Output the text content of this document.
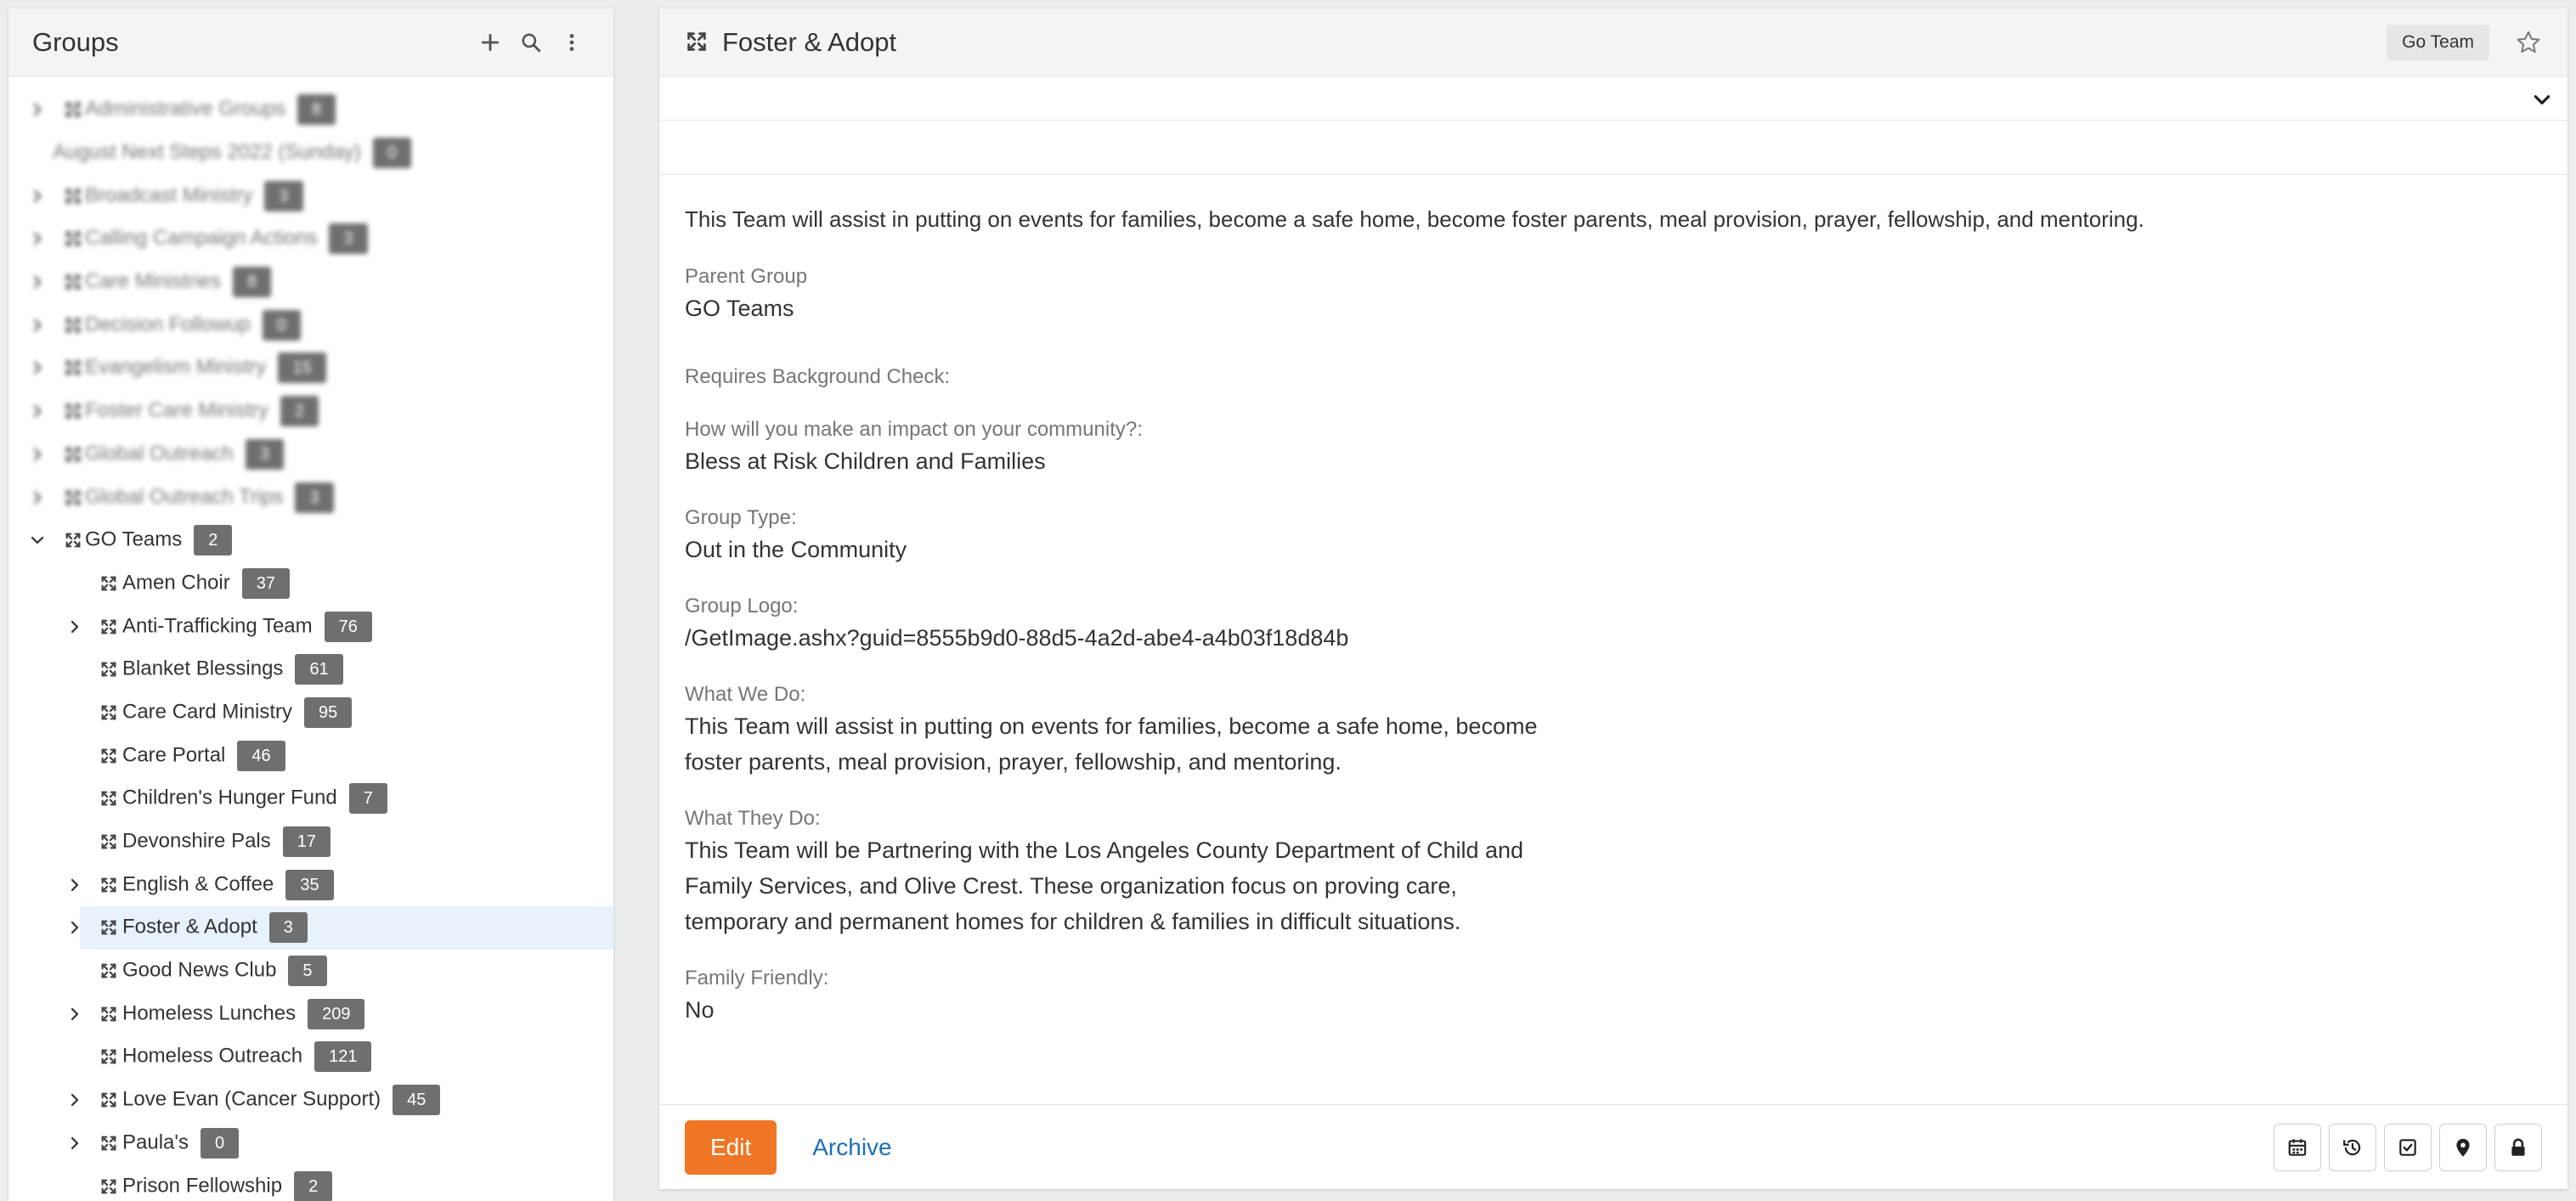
Groups
Administrative Groups 8
August Next Steps 2022 (Sunday) 0
Broadcast Ministry 3
Calling Campaign Actions 3
Care Ministries 8
Decision Followup 0
Evangelism Ministry 15
Foster Care Ministry 2
Global Outreach 3
Global Outreach Trips 3
GO Teams 2
Amen Choir 37
Anti-Trafficking Team 76
Blanket Blessings 61
Care Card Ministry 95
Care Portal 46
Children's Hunger Fund 7
Devonshire Pals 17
English & Coffee 35
Foster & Adopt 3
Good News Club 5
Homeless Lunches 209
Homeless Outreach 121
Love Evan (Cancer Support) 45
Paula's 0
Prison Fellowship 2
Foster & Adopt	Go Team
This Team will assist in putting on events for families, become a safe home, become foster parents, meal provision, prayer, fellowship, and mentoring.
Parent Group
GO Teams
Requires Background Check:
How will you make an impact on your community?:
Bless at Risk Children and Families
Group Type:
Out in the Community
Group Logo:
/GetImage.ashx?guid=8555b9d0-88d5-4a2d-abe4-a4b03f18d84b
What We Do:
This Team will assist in putting on events for families, become a safe home, become
foster parents, meal provision, prayer, fellowship, and mentoring.
What They Do:
This Team will be Partnering with the Los Angeles County Department of Child and
Family Services, and Olive Crest. These organization focus on proving care,
temporary and permanent homes for children & families in difficult situations.
Family Friendly:
No
Edit	Archive
